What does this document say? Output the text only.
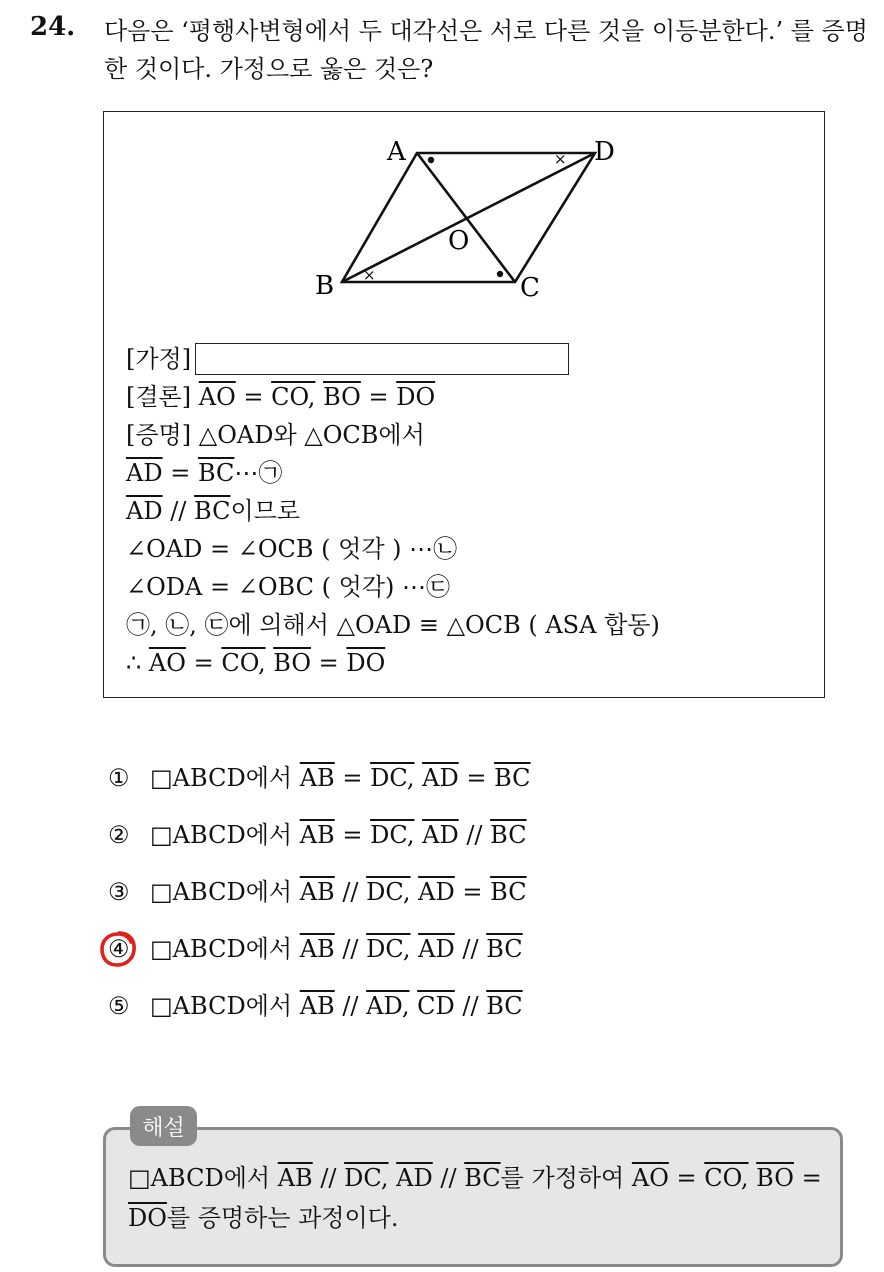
24. 다음은 ‘평행사변형에서 두 대각선은 서로 다른 것을 이등분한다.’ 를 증명한 것이다. 가정으로 옳은 것은?
A	D
B	C
O
×
×
[가정]
[결론] $\overline{AO}$ = CO, $\overline{BO} = \overline{DO}$
[증명] △OAD와 △OCB에서
$\overline{AD}$ = $\overline{BC}\cdots㉠$
$\overline{AD} // \overline{BC}$이므로
∠OAD = ∠OCB ( 엇각 ) ⋯㉡
∠ODA = ∠OBC ( 엇각) ⋯㉢
㉠, ㉡, ㉢에 의해서 △OAD ≡ △OCB ( ASA 합동)
∴ $\overline{AO}$ = CO, $\overline{BO} = \overline{DO}$
① □ABCD에서 $\overline{AB}$ = DC, $\overline{AD} = \overline{BC}$
② □ABCD에서 $\overline{AB}$ = DC, $\overline{AD} // \overline{BC}$
③ □ABCD에서 $\overline{AB}$ // DC, $\overline{AD} = \overline{BC}$
④ □ABCD에서 $\overline{AB}$ // DC, $\overline{AD} // \overline{BC}$
⑤ □ABCD에서 $\overline{AB}$ // AD, $\overline{CD} // \overline{BC}$
□ABCD에서 $\overline{AB}$ // DC, $\overline{AD} // \overline{BC}$를 가정하여 $\overline{AO}$ = CO, $\overline{BO} = \overline{DO}$를 증명하는 과정이다.
해설
